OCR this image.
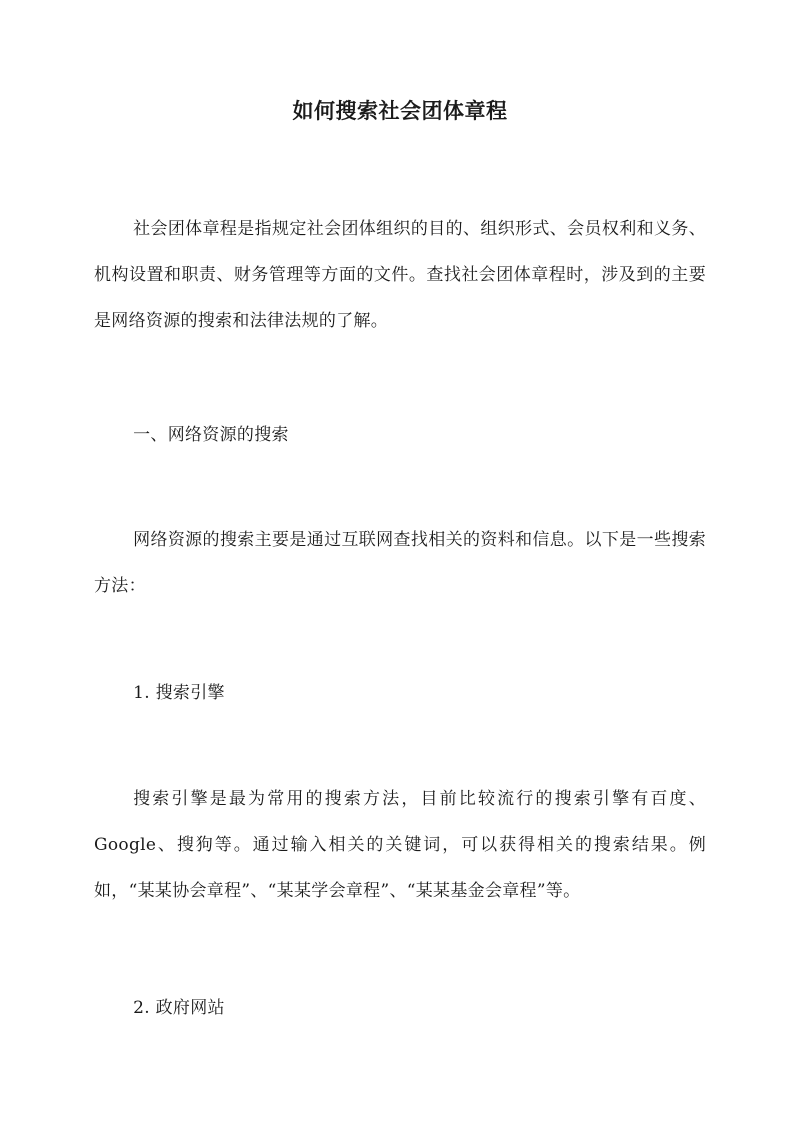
如何搜索社会团体章程

社会团体章程是指规定社会团体组织的目的、组织形式、会员权利和义务、机构设置和职责、财务管理等方面的文件。查找社会团体章程时，涉及到的主要是网络资源的搜索和法律法规的了解。

一、网络资源的搜索

网络资源的搜索主要是通过互联网查找相关的资料和信息。以下是一些搜索方法：

1. 搜索引擎

搜索引擎是最为常用的搜索方法，目前比较流行的搜索引擎有百度、Google、搜狗等。通过输入相关的关键词，可以获得相关的搜索结果。例如，“某某协会章程”、“某某学会章程”、“某某基金会章程”等。

2. 政府网站
